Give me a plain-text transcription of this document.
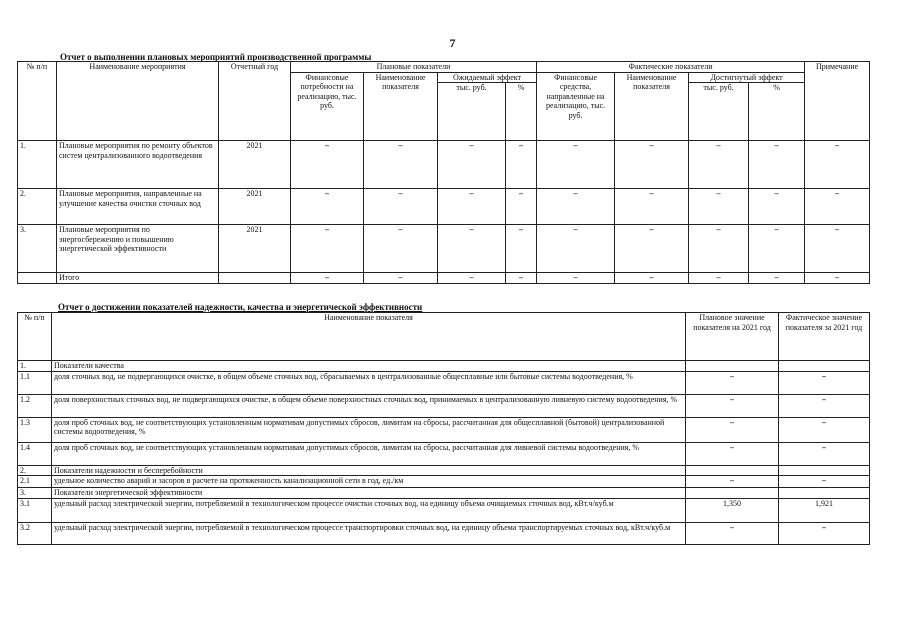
7
Отчет о выполнении плановых мероприятий производственной программы
№ п/п	Наименование мероприятия	Отчетный год	Плановые показатели				Фактические показатели				Примечание
			Финансовые потребности на реализацию, тыс. руб.	Наименование показателя	Ожидаемый эффект		Финансовые средства, направленные на реализацию, тыс. руб.	Наименование показателя	Достигнутый эффект		
					тыс. руб.	%			тыс. руб.	%	
1.	Плановые мероприятия по ремонту объектов систем централизованного водоотведения	2021	–	–	–	–	–	–	–	–	–
2.	Плановые мероприятия, направленные на улучшение качества очистки сточных вод	2021	–	–	–	–	–	–	–	–	–
3.	Плановые мероприятия по энергосбережению и повышению энергетической эффективности	2021	–	–	–	–	–	–	–	–	–
	Итого		–	–	–	–	–	–	–	–	–
Отчет о достижении показателей надежности, качества и энергетической эффективности
№ п/п	Наименование показателя	Плановое значение показателя на 2021 год	Фактическое значение показателя за 2021 год
1.	Показатели качества		
1.1	доля сточных вод, не подвергающихся очистке, в общем объеме сточных вод, сбрасываемых в централизованные общесплавные или бытовые системы водоотведения, %	–	–
1.2	доля поверхностных сточных вод, не подвергающихся очистке, в общем объеме поверхностных сточных вод, принимаемых в централизованную ливневую систему водоотведения, %	–	–
1.3	доля проб сточных вод, не соответствующих установленным нормативам допустимых сбросов, лимитам на сбросы, рассчитанная для общесплавной (бытовой) централизованной системы водоотведения, %	–	–
1.4	доля проб сточных вод, не соответствующих установленным нормативам допустимых сбросов, лимитам на сбросы, рассчитанная для ливневой системы водоотведения, %	–	–
2.	Показатели надежности и бесперебойности		
2.1	удельное количество аварий и засоров в расчете на протяженность канализационной сети в год, ед./км	–	–
3.	Показатели энергетической эффективности		
3.1	удельный расход электрической энергии, потребляемой в технологическом процессе очистки сточных вод, на единицу объема очищаемых сточных вод, кВт.ч/куб.м	1,350	1,921
3.2	удельный расход электрической энергии, потребляемой в технологическом процессе транспортировки сточных вод, на единицу объема транспортируемых сточных вод, кВт.ч/куб.м	–	–
